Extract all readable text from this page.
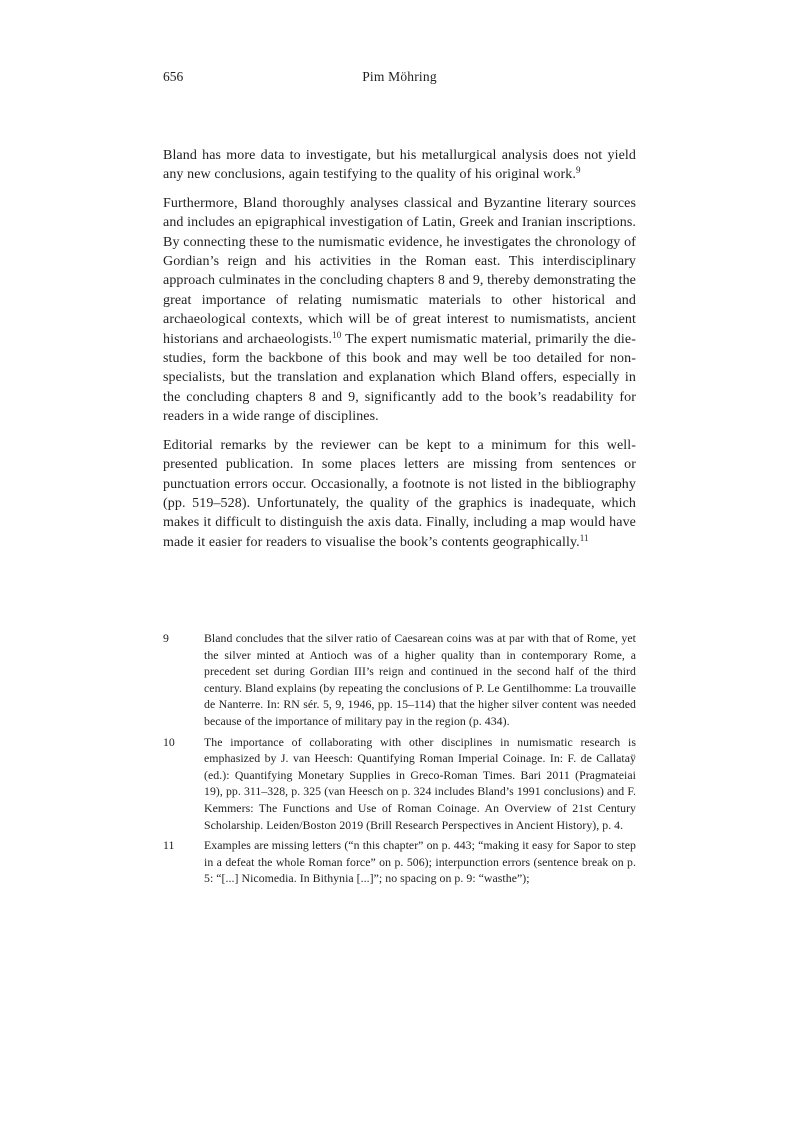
656	Pim Möhring

Bland has more data to investigate, but his metallurgical analysis does not yield any new conclusions, again testifying to the quality of his original work.$^9$

Furthermore, Bland thoroughly analyses classical and Byzantine literary sources and includes an epigraphical investigation of Latin, Greek and Iranian inscriptions. By connecting these to the numismatic evidence, he investigates the chronology of Gordian’s reign and his activities in the Roman east. This interdisciplinary approach culminates in the concluding chapters 8 and 9, thereby demonstrating the great importance of relating numismatic materials to other historical and archaeological contexts, which will be of great interest to numismatists, ancient historians and archaeologists.$^{10}$ The expert numismatic material, primarily the die-studies, form the backbone of this book and may well be too detailed for non-specialists, but the translation and explanation which Bland offers, especially in the concluding chapters 8 and 9, significantly add to the book’s readability for readers in a wide range of disciplines.

Editorial remarks by the reviewer can be kept to a minimum for this well-presented publication. In some places letters are missing from sentences or punctuation errors occur. Occasionally, a footnote is not listed in the bibliography (pp. 519–528). Unfortunately, the quality of the graphics is inadequate, which makes it difficult to distinguish the axis data. Finally, including a map would have made it easier for readers to visualise the book’s contents geographically.$^{11}$

9	Bland concludes that the silver ratio of Caesarean coins was at par with that of Rome, yet the silver minted at Antioch was of a higher quality than in contemporary Rome, a precedent set during Gordian III’s reign and continued in the second half of the third century. Bland explains (by repeating the conclusions of P. Le Gentilhomme: La trouvaille de Nanterre. In: RN sér. 5, 9, 1946, pp. 15–114) that the higher silver content was needed because of the importance of military pay in the region (p. 434).
10	The importance of collaborating with other disciplines in numismatic research is emphasized by J. van Heesch: Quantifying Roman Imperial Coinage. In: F. de Callataÿ (ed.): Quantifying Monetary Supplies in Greco-Roman Times. Bari 2011 (Pragmateiai 19), pp. 311–328, p. 325 (van Heesch on p. 324 includes Bland’s 1991 conclusions) and F. Kemmers: The Functions and Use of Roman Coinage. An Overview of 21st Century Scholarship. Leiden/Boston 2019 (Brill Research Perspectives in Ancient History), p. 4.
11	Examples are missing letters (“n this chapter” on p. 443; “making it easy for Sapor to step in a defeat the whole Roman force” on p. 506); interpunction errors (sentence break on p. 5: “[...] Nicomedia. In Bithynia [...]”; no spacing on p. 9: “wasthe”);
